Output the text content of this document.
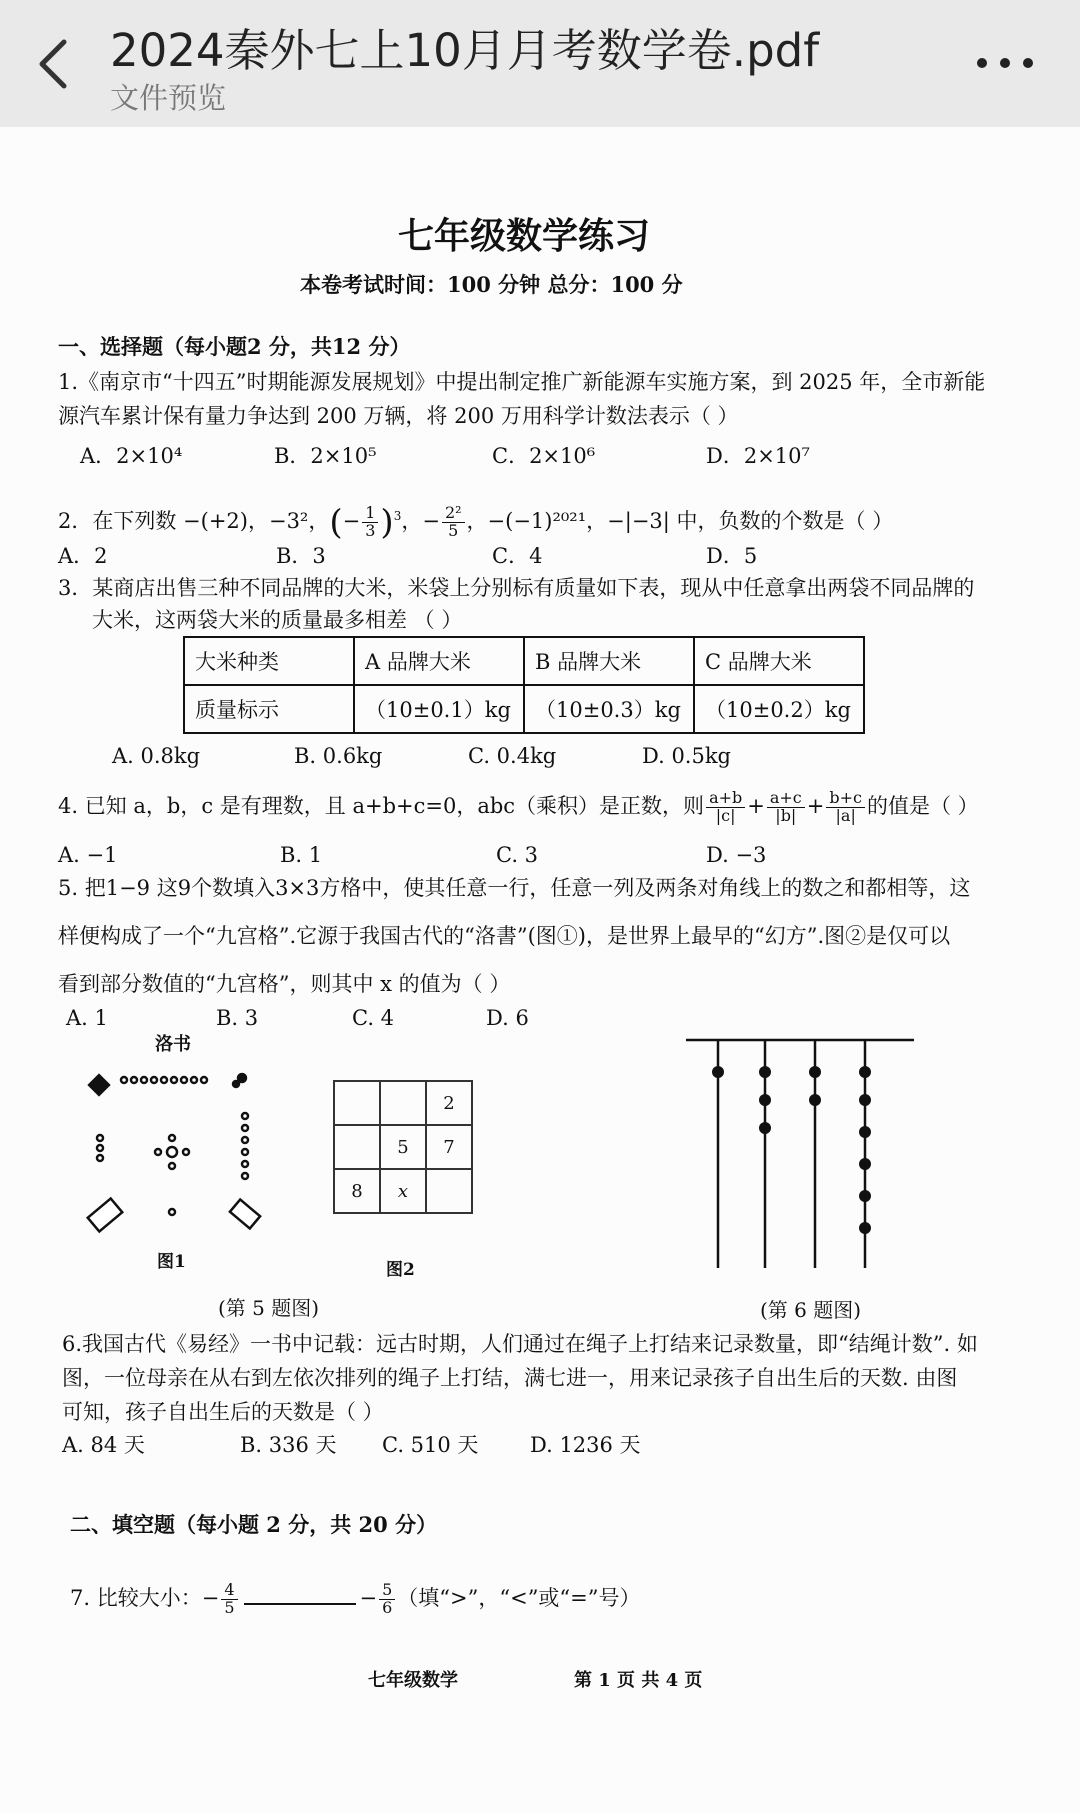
2024秦外七上10月月考数学卷.pdf
文件预览
七年级数学练习
本卷考试时间：100 分钟 总分：100 分
一、选择题（每小题2 分，共12 分）
1.《南京市“十四五”时期能源发展规划》中提出制定推广新能源车实施方案，到 2025 年，全市新能
源汽车累计保有量力争达到 200 万辆，将 200 万用科学计数法表示（ ）
A．2×10⁴	B．2×10⁵	C．2×10⁶	D．2×10⁷
2．在下列数 −(+2)，−3²，(− $\frac{1}{3} )^3$，− $\frac{\text{2²}}{5}$ ，−(−1)²⁰²¹，−|−3| 中，负数的个数是（ ）
A．2	B．3	C．4	D．5
3．某商店出售三种不同品牌的大米，米袋上分别标有质量如下表，现从中任意拿出两袋不同品牌的
大米，这两袋大米的质量最多相差 （ ）
大米种类	A 品牌大米	B 品牌大米	C 品牌大米
质量标示	（10±0.1）kg	（10±0.3）kg	（10±0.2）kg
A. 0.8kg	B. 0.6kg	C. 0.4kg	D. 0.5kg
4. 已知 a，b，c 是有理数，且 a+b+c=0，abc（乘积）是正数，则 $\frac{a+b}{|c|} + \frac{a+c}{|b|} + \frac{b+c}{|a|}$ 的值是（ ）
A. −1	B. 1	C. 3	D. −3
5. 把1−9 这9个数填入3×3方格中，使其任意一行，任意一列及两条对角线上的数之和都相等，这
样便构成了一个“九宫格”.它源于我国古代的“洛書”(图①)，是世界上最早的“幻方”.图②是仅可以
看到部分数值的“九宫格”，则其中 x 的值为（ ）
A. 1	B. 3	C. 4	D. 6
洛书
图1
		2
	5	7
8	x	
图2
(第 5 题图)	(第 6 题图)
6.我国古代《易经》一书中记载：远古时期，人们通过在绳子上打结来记录数量，即“结绳计数”. 如
图，一位母亲在从右到左依次排列的绳子上打结，满七进一，用来记录孩子自出生后的天数. 由图
可知，孩子自出生后的天数是（ ）
A. 84 天	B. 336 天 C. 510 天 D. 1236 天
二、填空题（每小题 2 分，共 20 分）
7. 比较大小：− $\frac{4}{5}$	− $\frac{5}{6}$ （填“>”，“<”或“=”号）
七年级数学	第 1 页 共 4 页
